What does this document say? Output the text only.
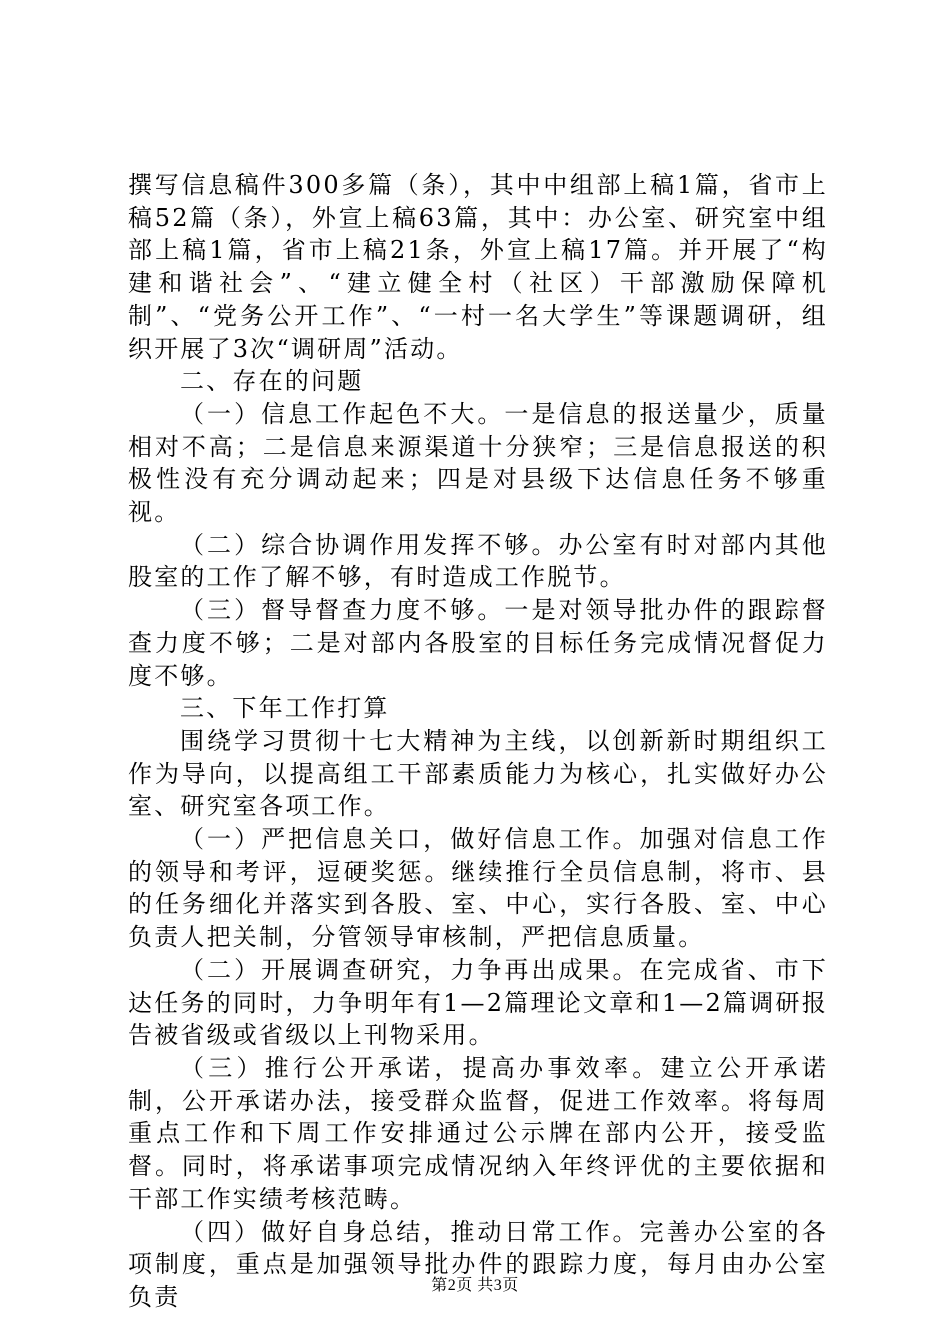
撰写信息稿件300多篇（条），其中中组部上稿1篇，省市上稿52篇（条），外宣上稿63篇，其中：办公室、研究室中组部上稿1篇，省市上稿21条，外宣上稿17篇。并开展了“构建和谐社会”、“建立健全村（社区）干部激励保障机制”、“党务公开工作”、“一村一名大学生”等课题调研，组织开展了3次“调研周”活动。

二、存在的问题

（一）信息工作起色不大。一是信息的报送量少，质量相对不高；二是信息来源渠道十分狭窄；三是信息报送的积极性没有充分调动起来；四是对县级下达信息任务不够重视。

（二）综合协调作用发挥不够。办公室有时对部内其他股室的工作了解不够，有时造成工作脱节。

（三）督导督查力度不够。一是对领导批办件的跟踪督查力度不够；二是对部内各股室的目标任务完成情况督促力度不够。

三、下年工作打算

围绕学习贯彻十七大精神为主线，以创新新时期组织工作为导向，以提高组工干部素质能力为核心，扎实做好办公室、研究室各项工作。

（一）严把信息关口，做好信息工作。加强对信息工作的领导和考评，逗硬奖惩。继续推行全员信息制，将市、县的任务细化并落实到各股、室、中心，实行各股、室、中心负责人把关制，分管领导审核制，严把信息质量。

（二）开展调查研究，力争再出成果。在完成省、市下达任务的同时，力争明年有1—2篇理论文章和1—2篇调研报告被省级或省级以上刊物采用。

（三）推行公开承诺，提高办事效率。建立公开承诺制，公开承诺办法，接受群众监督，促进工作效率。将每周重点工作和下周工作安排通过公示牌在部内公开，接受监督。同时，将承诺事项完成情况纳入年终评优的主要依据和干部工作实绩考核范畴。

（四）做好自身总结，推动日常工作。完善办公室的各项制度，重点是加强领导批办件的跟踪力度，每月由办公室负责	第2页 共3页
